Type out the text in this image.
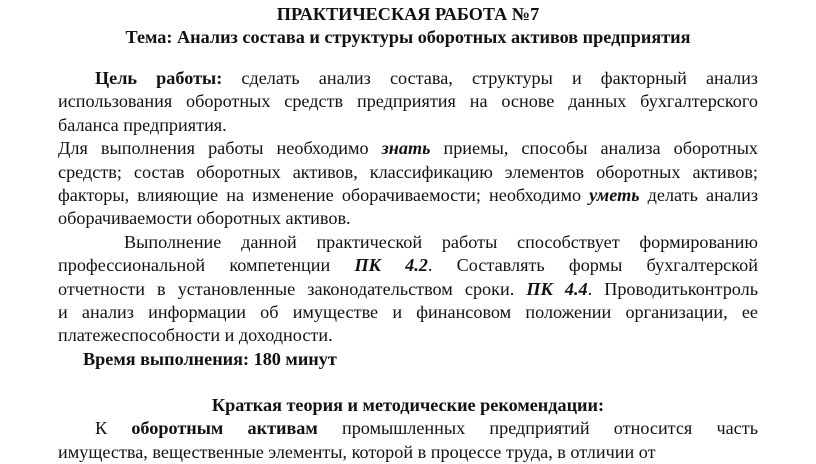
ПРАКТИЧЕСКАЯ РАБОТА №7
Тема: Анализ состава и структуры оборотных активов предприятия
Цель работы: сделать анализ состава, структуры и факторный анализ
использования оборотных средств предприятия на основе данных бухгалтерского
баланса предприятия.
Для выполнения работы необходимо знать приемы, способы анализа оборотных
средств; состав оборотных активов, классификацию элементов оборотных активов;
факторы, влияющие на изменение оборачиваемости; необходимо уметь делать анализ
оборачиваемости оборотных активов.
Выполнение данной практической работы способствует формированию
профессиональной компетенции ПК 4.2. Составлять формы бухгалтерской
отчетности в установленные законодательством сроки. ПК 4.4. Проводитьконтроль
и анализ информации об имуществе и финансовом положении организации, ее
платежеспособности и доходности.
Время выполнения: 180 минут
Краткая теория и методические рекомендации:
К оборотным активам промышленных предприятий относится часть
имущества, вещественные элементы, которой в процессе труда, в отличии от
